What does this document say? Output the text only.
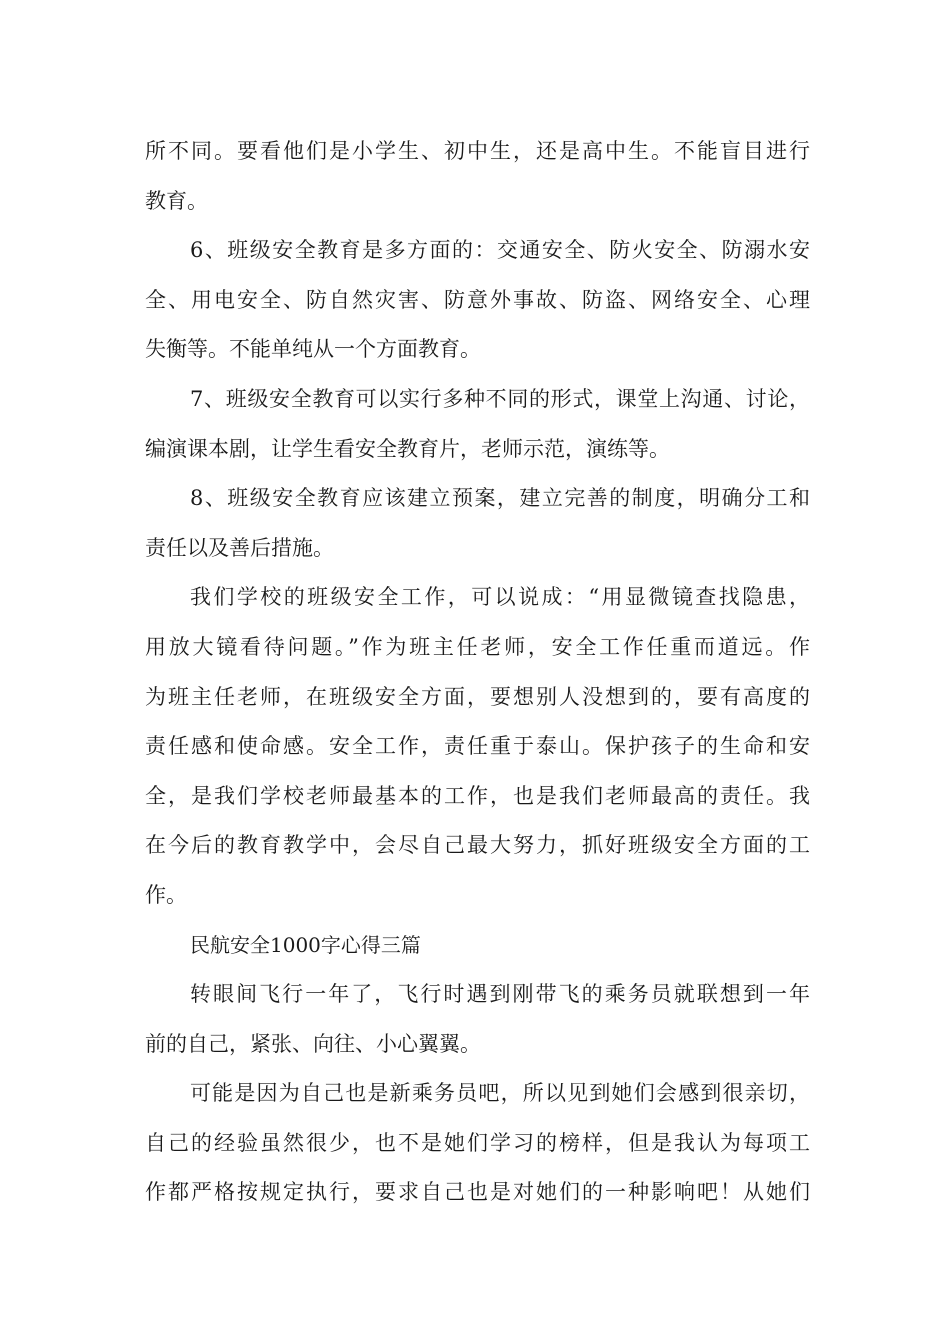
所不同。要看他们是小学生、初中生，还是高中生。不能盲目进行
教育。
6、班级安全教育是多方面的：交通安全、防火安全、防溺水安
全、用电安全、防自然灾害、防意外事故、防盗、网络安全、心理
失衡等。不能单纯从一个方面教育。
7、班级安全教育可以实行多种不同的形式，课堂上沟通、讨论，
编演课本剧，让学生看安全教育片，老师示范，演练等。
8、班级安全教育应该建立预案，建立完善的制度，明确分工和
责任以及善后措施。
我们学校的班级安全工作，可以说成：“用显微镜查找隐患，
用放大镜看待问题。”作为班主任老师，安全工作任重而道远。作
为班主任老师，在班级安全方面，要想别人没想到的，要有高度的
责任感和使命感。安全工作，责任重于泰山。保护孩子的生命和安
全，是我们学校老师最基本的工作，也是我们老师最高的责任。我
在今后的教育教学中，会尽自己最大努力，抓好班级安全方面的工
作。
民航安全1000字心得三篇
转眼间飞行一年了，飞行时遇到刚带飞的乘务员就联想到一年
前的自己，紧张、向往、小心翼翼。
可能是因为自己也是新乘务员吧，所以见到她们会感到很亲切，
自己的经验虽然很少，也不是她们学习的榜样，但是我认为每项工
作都严格按规定执行，要求自己也是对她们的一种影响吧！从她们
